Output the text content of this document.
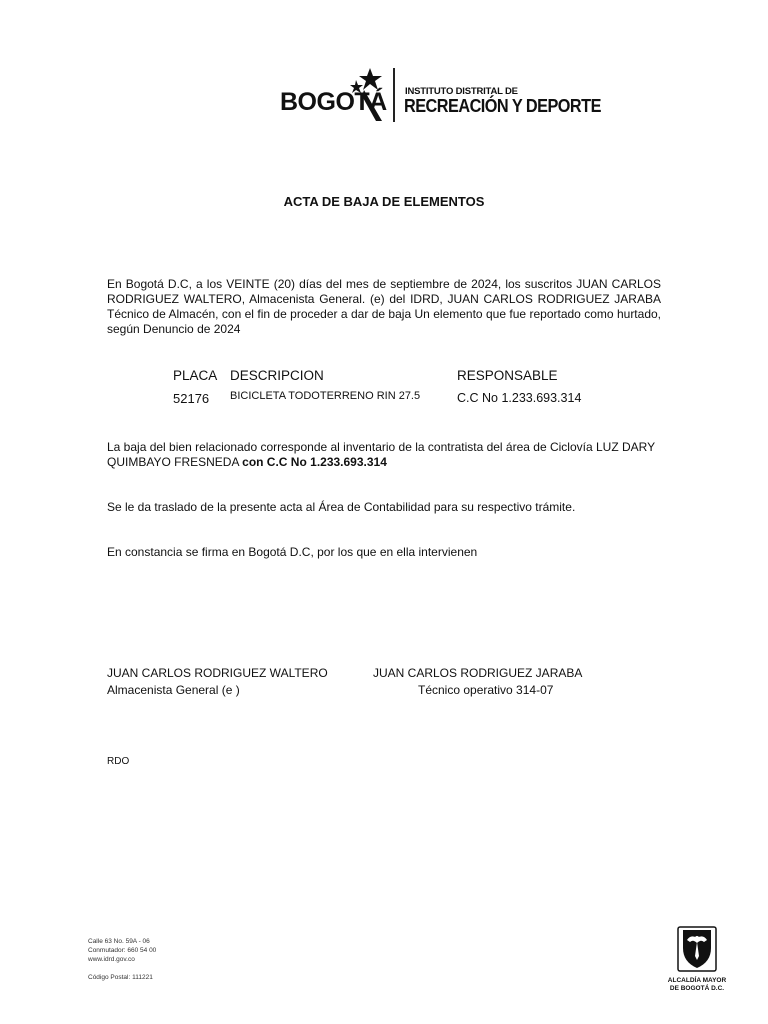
BOGOTÁ INSTITUTO DISTRITAL DE
RECREACIÓN Y DEPORTE
ACTA DE BAJA DE ELEMENTOS
En Bogotá D.C, a los VEINTE (20) días del mes de septiembre de 2024, los suscritos JUAN CARLOS RODRIGUEZ WALTERO, Almacenista General. (e) del IDRD, JUAN CARLOS RODRIGUEZ JARABA Técnico de Almacén, con el fin de proceder a dar de baja Un elemento que fue reportado como hurtado, según Denuncio de 2024
PLACA DESCRIPCION	RESPONSABLE
52176 BICICLETA TODOTERRENO RIN 27.5	C.C No 1.233.693.314
La baja del bien relacionado corresponde al inventario de la contratista del área de Ciclovía LUZ DARY QUIMBAYO FRESNEDA con C.C No 1.233.693.314
Se le da traslado de la presente acta al Área de Contabilidad para su respectivo trámite.
En constancia se firma en Bogotá D.C, por los que en ella intervienen
JUAN CARLOS RODRIGUEZ WALTERO
Almacenista General (e )
JUAN CARLOS RODRIGUEZ JARABA
Técnico operativo 314-07
RDO
Calle 63 No. 59A - 06
Conmutador: 660 54 00
www.idrd.gov.co
Código Postal: 111221	ALCALDÍA MAYOR
DE BOGOTÁ D.C.
